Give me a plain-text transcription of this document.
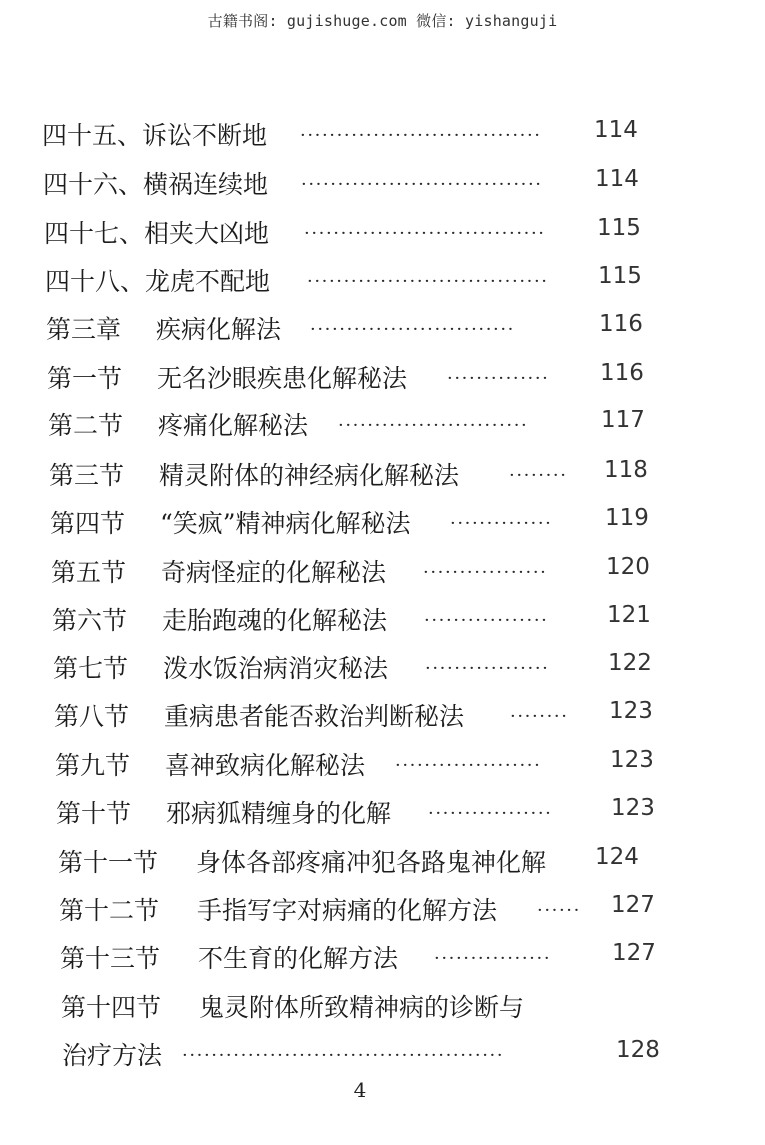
古籍书阁: gujishuge.com 微信: yishanguji
四十五、诉讼不断地 ·································	114
四十六、横祸连续地 ·································	114
四十七、相夹大凶地 ·································	115
四十八、龙虎不配地 ·································	115
第三章 疾病化解法 ····························	116
第一节 无名沙眼疾患化解秘法 ··············	116
第二节 疼痛化解秘法 ··························	117
第三节 精灵附体的神经病化解秘法	········	118
第四节 “笑疯”精神病化解秘法 ··············	119
第五节 奇病怪症的化解秘法 ·················	120
第六节 走胎跑魂的化解秘法 ·················	121
第七节 泼水饭治病消灾秘法 ·················	122
第八节 重病患者能否救治判断秘法	········	123
第九节 喜神致病化解秘法 ····················	123
第十节 邪病狐精缠身的化解 ·················	123
第十一节 身体各部疼痛冲犯各路鬼神化解 124
第十二节 手指写字对病痛的化解方法 ······	127
第十三节 不生育的化解方法 ················	127
第十四节 鬼灵附体所致精神病的诊断与
治疗方法 ············································	128
4
